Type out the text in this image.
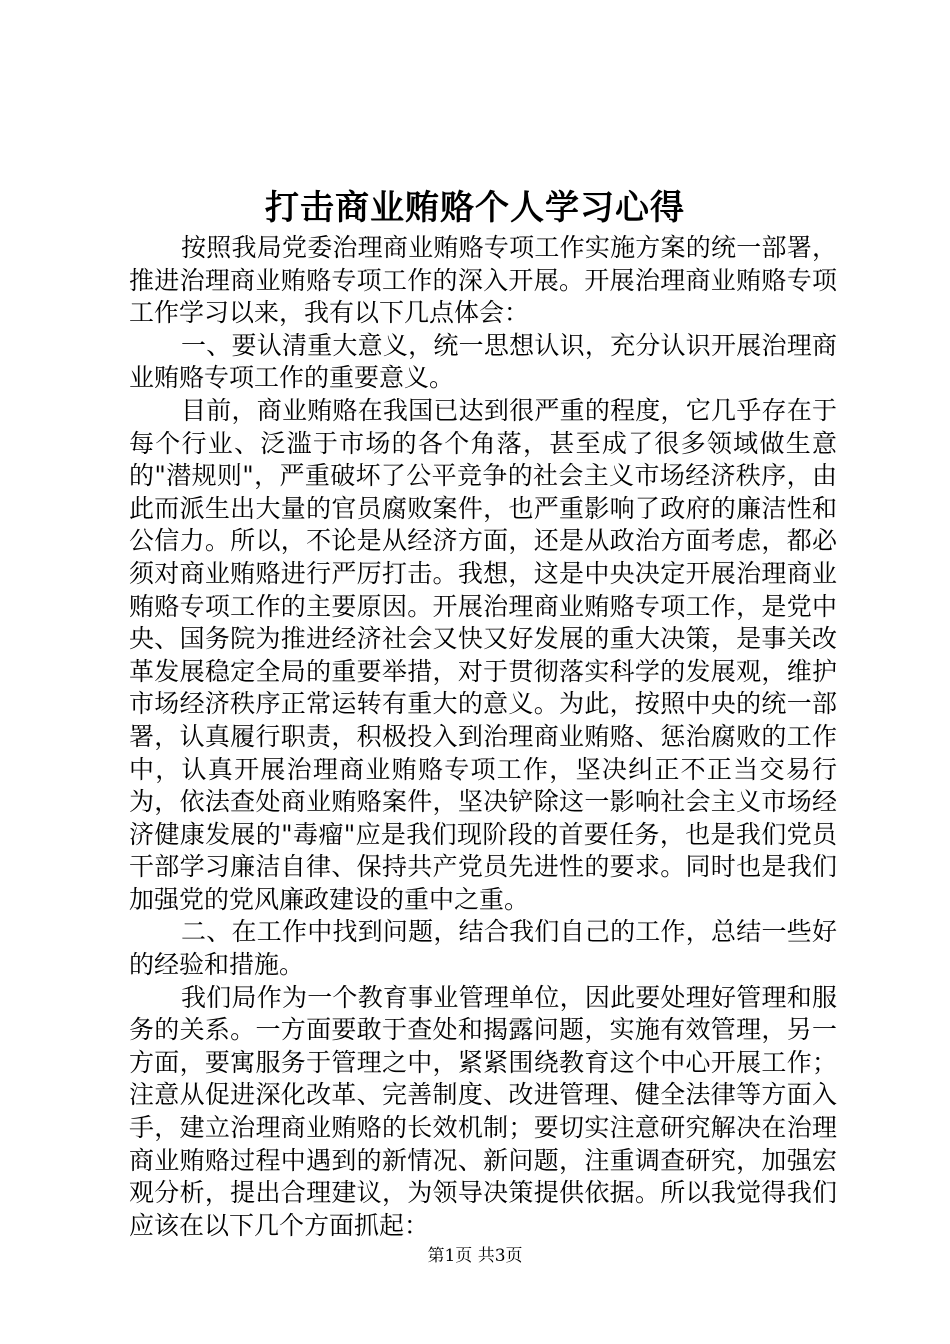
打击商业贿赂个人学习心得

按照我局党委治理商业贿赂专项工作实施方案的统一部署，推进治理商业贿赂专项工作的深入开展。开展治理商业贿赂专项工作学习以来，我有以下几点体会：

一、要认清重大意义，统一思想认识，充分认识开展治理商业贿赂专项工作的重要意义。

目前，商业贿赂在我国已达到很严重的程度，它几乎存在于每个行业、泛滥于市场的各个角落，甚至成了很多领域做生意的"潜规则"，严重破坏了公平竞争的社会主义市场经济秩序，由此而派生出大量的官员腐败案件，也严重影响了政府的廉洁性和公信力。所以，不论是从经济方面，还是从政治方面考虑，都必须对商业贿赂进行严厉打击。我想，这是中央决定开展治理商业贿赂专项工作的主要原因。开展治理商业贿赂专项工作，是党中央、国务院为推进经济社会又快又好发展的重大决策，是事关改革发展稳定全局的重要举措，对于贯彻落实科学的发展观，维护市场经济秩序正常运转有重大的意义。为此，按照中央的统一部署，认真履行职责，积极投入到治理商业贿赂、惩治腐败的工作中，认真开展治理商业贿赂专项工作，坚决纠正不正当交易行为，依法查处商业贿赂案件，坚决铲除这一影响社会主义市场经济健康发展的"毒瘤"应是我们现阶段的首要任务，也是我们党员干部学习廉洁自律、保持共产党员先进性的要求。同时也是我们加强党的党风廉政建设的重中之重。

二、在工作中找到问题，结合我们自己的工作，总结一些好的经验和措施。

我们局作为一个教育事业管理单位，因此要处理好管理和服务的关系。一方面要敢于查处和揭露问题，实施有效管理，另一方面，要寓服务于管理之中，紧紧围绕教育这个中心开展工作；注意从促进深化改革、完善制度、改进管理、健全法律等方面入手，建立治理商业贿赂的长效机制；要切实注意研究解决在治理商业贿赂过程中遇到的新情况、新问题，注重调查研究，加强宏观分析，提出合理建议，为领导决策提供依据。所以我觉得我们应该在以下几个方面抓起：

第1页 共3页
